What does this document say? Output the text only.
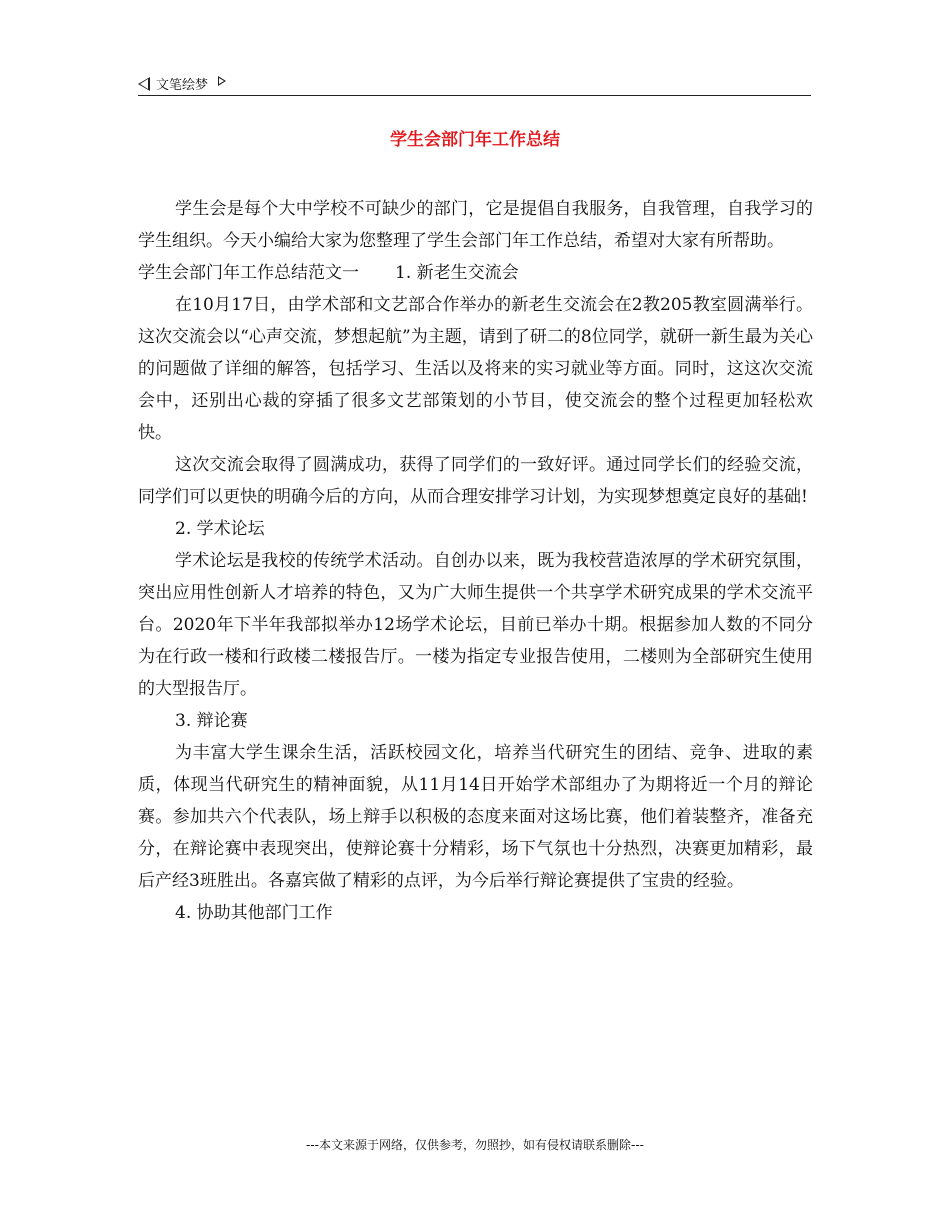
文笔绘梦
学生会部门年工作总结

学生会是每个大中学校不可缺少的部门，它是提倡自我服务，自我管理，自我学习的学生组织。今天小编给大家为您整理了学生会部门年工作总结，希望对大家有所帮助。

学生会部门年工作总结范文一 1. 新老生交流会

在10月17日，由学术部和文艺部合作举办的新老生交流会在2教205教室圆满举行。这次交流会以“心声交流，梦想起航”为主题，请到了研二的8位同学，就研一新生最为关心的问题做了详细的解答，包括学习、生活以及将来的实习就业等方面。同时，这这次交流会中，还别出心裁的穿插了很多文艺部策划的小节目，使交流会的整个过程更加轻松欢快。

这次交流会取得了圆满成功，获得了同学们的一致好评。通过同学长们的经验交流，同学们可以更快的明确今后的方向，从而合理安排学习计划，为实现梦想奠定良好的基础!

2. 学术论坛

学术论坛是我校的传统学术活动。自创办以来，既为我校营造浓厚的学术研究氛围，突出应用性创新人才培养的特色，又为广大师生提供一个共享学术研究成果的学术交流平台。2020年下半年我部拟举办12场学术论坛，目前已举办十期。根据参加人数的不同分为在行政一楼和行政楼二楼报告厅。一楼为指定专业报告使用，二楼则为全部研究生使用的大型报告厅。

3. 辩论赛

为丰富大学生课余生活，活跃校园文化，培养当代研究生的团结、竞争、进取的素质，体现当代研究生的精神面貌，从11月14日开始学术部组办了为期将近一个月的辩论赛。参加共六个代表队，场上辩手以积极的态度来面对这场比赛，他们着装整齐，准备充分，在辩论赛中表现突出，使辩论赛十分精彩，场下气氛也十分热烈，决赛更加精彩，最后产经3班胜出。各嘉宾做了精彩的点评，为今后举行辩论赛提供了宝贵的经验。

4. 协助其他部门工作

---本文来源于网络，仅供参考，勿照抄，如有侵权请联系删除---
